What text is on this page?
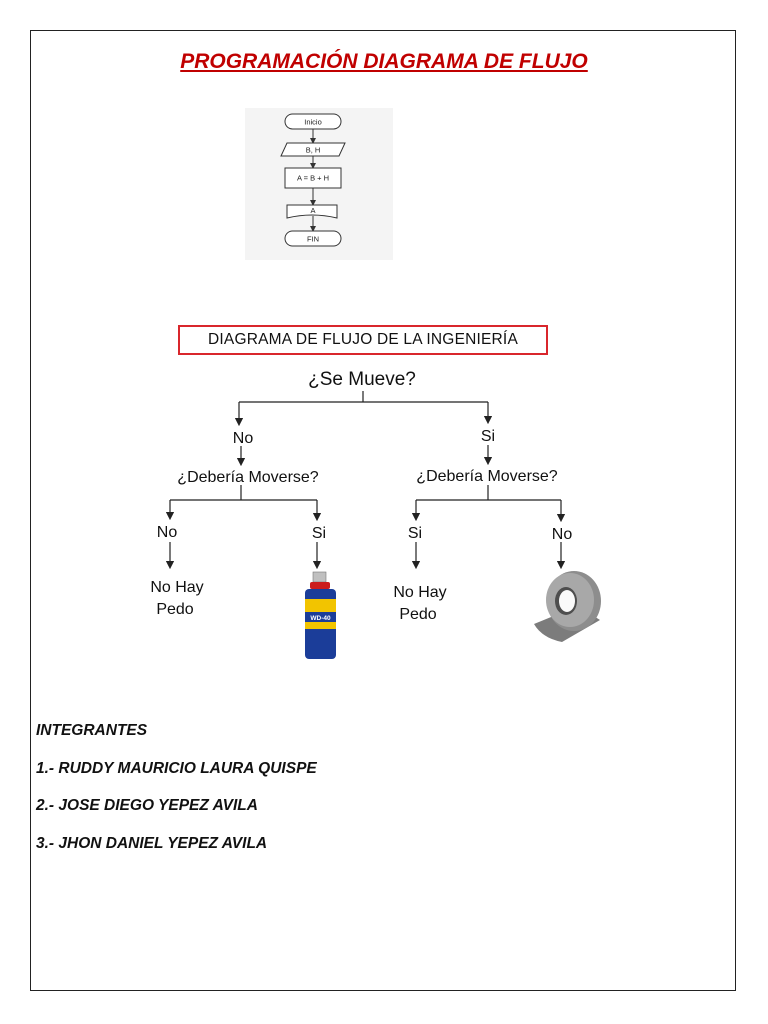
PROGRAMACIÓN DIAGRAMA DE FLUJO
Inicio
B, H
A = B + H
A
FIN
DIAGRAMA DE FLUJO DE LA INGENIERÍA
¿Se Mueve?
No	Si
¿Debería Moverse?	¿Debería Moverse?
No	Si	Si	No
No Hay
Pedo
No Hay
Pedo
WD-40
INTEGRANTES
1.- RUDDY MAURICIO LAURA QUISPE
2.- JOSE DIEGO YEPEZ AVILA
3.- JHON DANIEL YEPEZ AVILA
